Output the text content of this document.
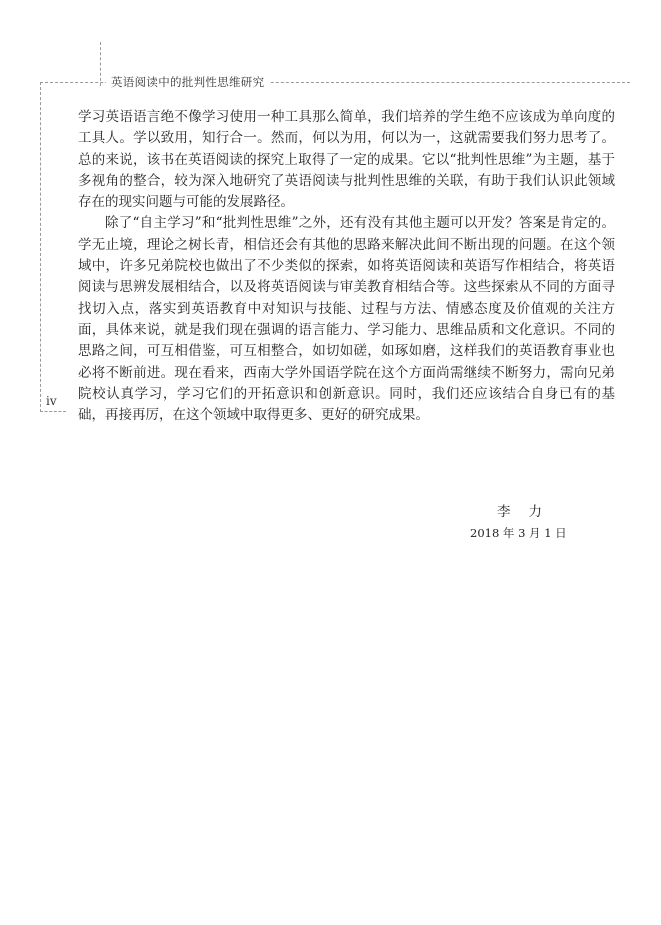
英语阅读中的批判性思维研究
iv

学习英语语言绝不像学习使用一种工具那么简单，我们培养的学生绝不应该成为单向度的工具人。学以致用，知行合一。然而，何以为用，何以为一，这就需要我们努力思考了。总的来说，该书在英语阅读的探究上取得了一定的成果。它以“批判性思维”为主题，基于多视角的整合，较为深入地研究了英语阅读与批判性思维的关联，有助于我们认识此领域存在的现实问题与可能的发展路径。

除了“自主学习”和“批判性思维”之外，还有没有其他主题可以开发？答案是肯定的。学无止境，理论之树长青，相信还会有其他的思路来解决此间不断出现的问题。在这个领域中，许多兄弟院校也做出了不少类似的探索，如将英语阅读和英语写作相结合，将英语阅读与思辨发展相结合，以及将英语阅读与审美教育相结合等。这些探索从不同的方面寻找切入点，落实到英语教育中对知识与技能、过程与方法、情感态度及价值观的关注方面，具体来说，就是我们现在强调的语言能力、学习能力、思维品质和文化意识。不同的思路之间，可互相借鉴，可互相整合，如切如磋，如琢如磨，这样我们的英语教育事业也必将不断前进。现在看来，西南大学外国语学院在这个方面尚需继续不断努力，需向兄弟院校认真学习，学习它们的开拓意识和创新意识。同时，我们还应该结合自身已有的基础，再接再厉，在这个领域中取得更多、更好的研究成果。

李力
2018 年 3 月 1 日
